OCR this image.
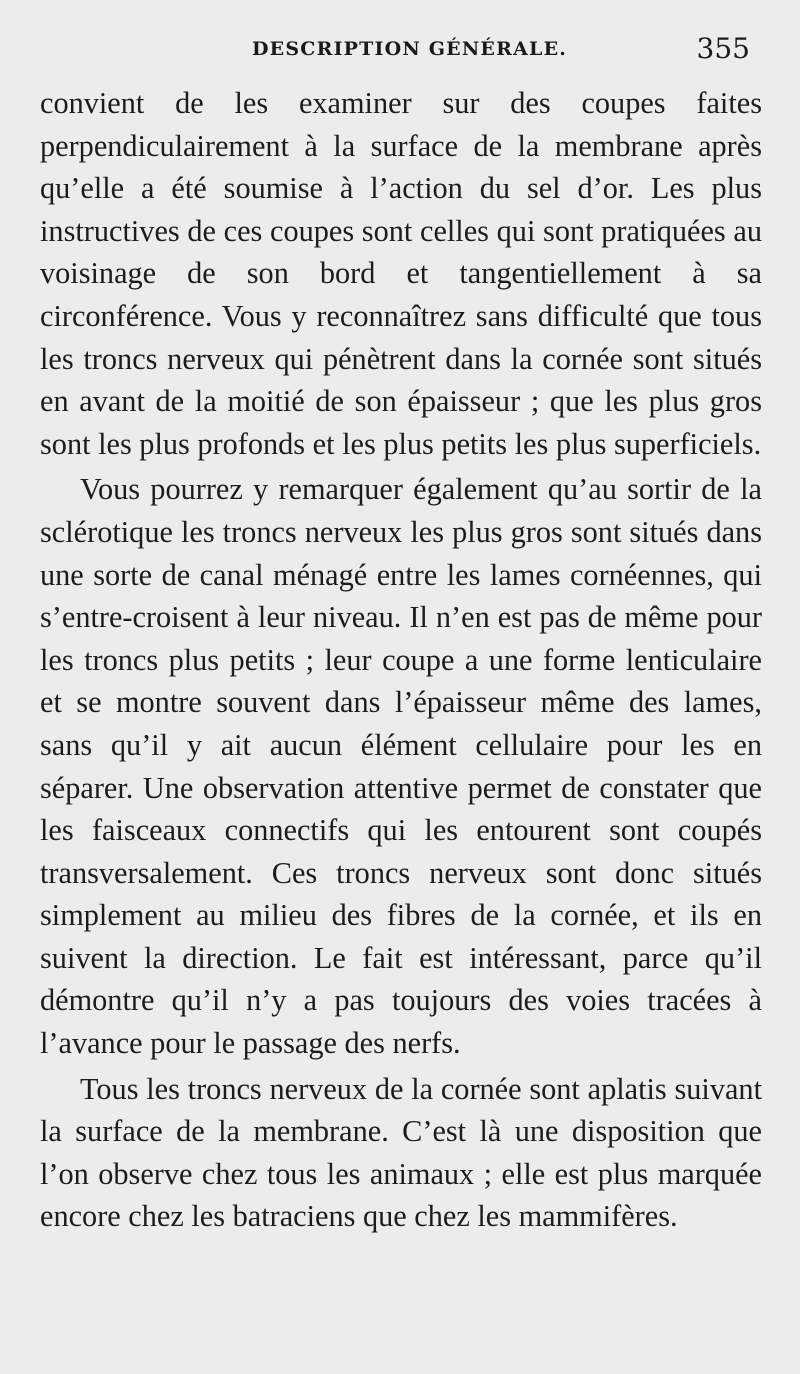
DESCRIPTION GÉNÉRALE.	355

convient de les examiner sur des coupes faites perpendiculairement à la surface de la membrane après qu’elle a été soumise à l’action du sel d’or. Les plus instructives de ces coupes sont celles qui sont pratiquées au voisinage de son bord et tangentiellement à sa circonférence. Vous y reconnaîtrez sans difficulté que tous les troncs nerveux qui pénètrent dans la cornée sont situés en avant de la moitié de son épaisseur ; que les plus gros sont les plus profonds et les plus petits les plus superficiels.

Vous pourrez y remarquer également qu’au sortir de la sclérotique les troncs nerveux les plus gros sont situés dans une sorte de canal ménagé entre les lames cornéennes, qui s’entre-croisent à leur niveau. Il n’en est pas de même pour les troncs plus petits ; leur coupe a une forme lenticulaire et se montre souvent dans l’épaisseur même des lames, sans qu’il y ait aucun élément cellulaire pour les en séparer. Une observation attentive permet de constater que les faisceaux connectifs qui les entourent sont coupés transversalement. Ces troncs nerveux sont donc situés simplement au milieu des fibres de la cornée, et ils en suivent la direction. Le fait est intéressant, parce qu’il démontre qu’il n’y a pas toujours des voies tracées à l’avance pour le passage des nerfs.

Tous les troncs nerveux de la cornée sont aplatis suivant la surface de la membrane. C’est là une disposition que l’on observe chez tous les animaux ; elle est plus marquée encore chez les batraciens que chez les mammifères.
